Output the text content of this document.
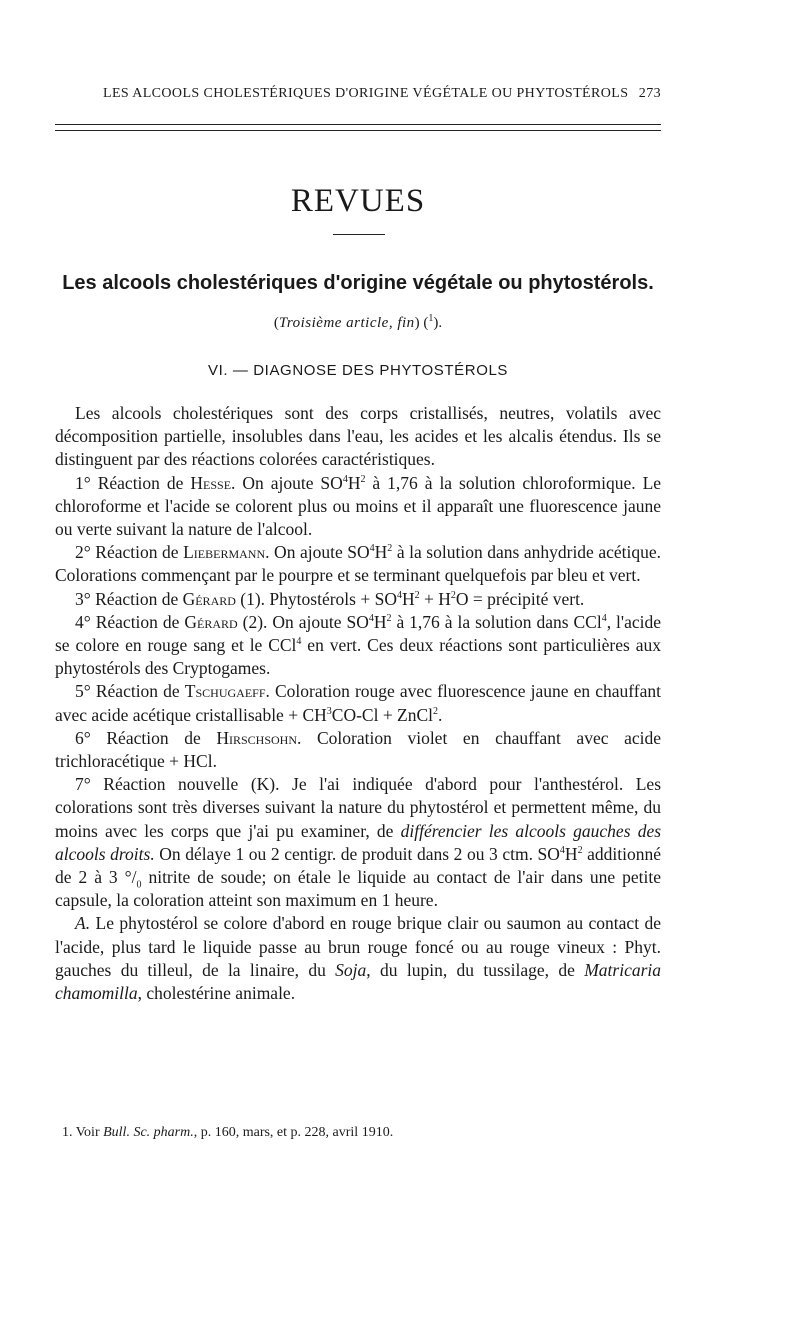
LES ALCOOLS CHOLESTÉRIQUES D'ORIGINE VÉGÉTALE OU PHYTOSTÉROLS 273
REVUES
Les alcools cholestériques d'origine végétale ou phytostérols.
(Troisième article, fin) ($^1$).
VI. — DIAGNOSE DES PHYTOSTÉROLS

Les alcools cholestériques sont des corps cristallisés, neutres, volatils avec décomposition partielle, insolubles dans l'eau, les acides et les alcalis étendus. Ils se distinguent par des réactions colorées caractéristiques.

1° Réaction de Hesse. On ajoute $SO^4H^2$ à 1,76 à la solution chloroformique. Le chloroforme et l'acide se colorent plus ou moins et il apparaît une fluorescence jaune ou verte suivant la nature de l'alcool.

2° Réaction de Liebermann. On ajoute $SO^4H^2$ à la solution dans anhydride acétique. Colorations commençant par le pourpre et se terminant quelquefois par bleu et vert.

3° Réaction de Gérard (1). Phytostérols + $SO^4H^2 + H^2O$ = précipité vert.

4° Réaction de Gérard (2). On ajoute $SO^4H^2$ à 1,76 à la solution dans CCl$^4$, l'acide se colore en rouge sang et le CCl$^4$ en vert. Ces deux réactions sont particulières aux phytostérols des Cryptogames.

5° Réaction de Tschugaeff. Coloration rouge avec fluorescence jaune en chauffant avec acide acétique cristallisable + $CH^3CO-Cl$ + ZnCl$^2$.

6° Réaction de Hirschsohn. Coloration violet en chauffant avec acide trichloracétique + HCl.

7° Réaction nouvelle (K). Je l'ai indiquée d'abord pour l'anthestérol. Les colorations sont très diverses suivant la nature du phytostérol et permettent même, du moins avec les corps que j'ai pu examiner, de différencier les alcools gauches des alcools droits. On délaye 1 ou 2 centigr. de produit dans 2 ou 3 ctm. $SO^4H^2$ additionné de 2 à 3 $^\circ/_0$ nitrite de soude; on étale le liquide au contact de l'air dans une petite capsule, la coloration atteint son maximum en 1 heure.

A. Le phytostérol se colore d'abord en rouge brique clair ou saumon au contact de l'acide, plus tard le liquide passe au brun rouge foncé ou au rouge vineux : Phyt. gauches du tilleul, de la linaire, du Soja, du lupin, du tussilage, de Matricaria chamomilla, cholestérine animale.

1. Voir Bull. Sc. pharm., p. 160, mars, et p. 228, avril 1910.
